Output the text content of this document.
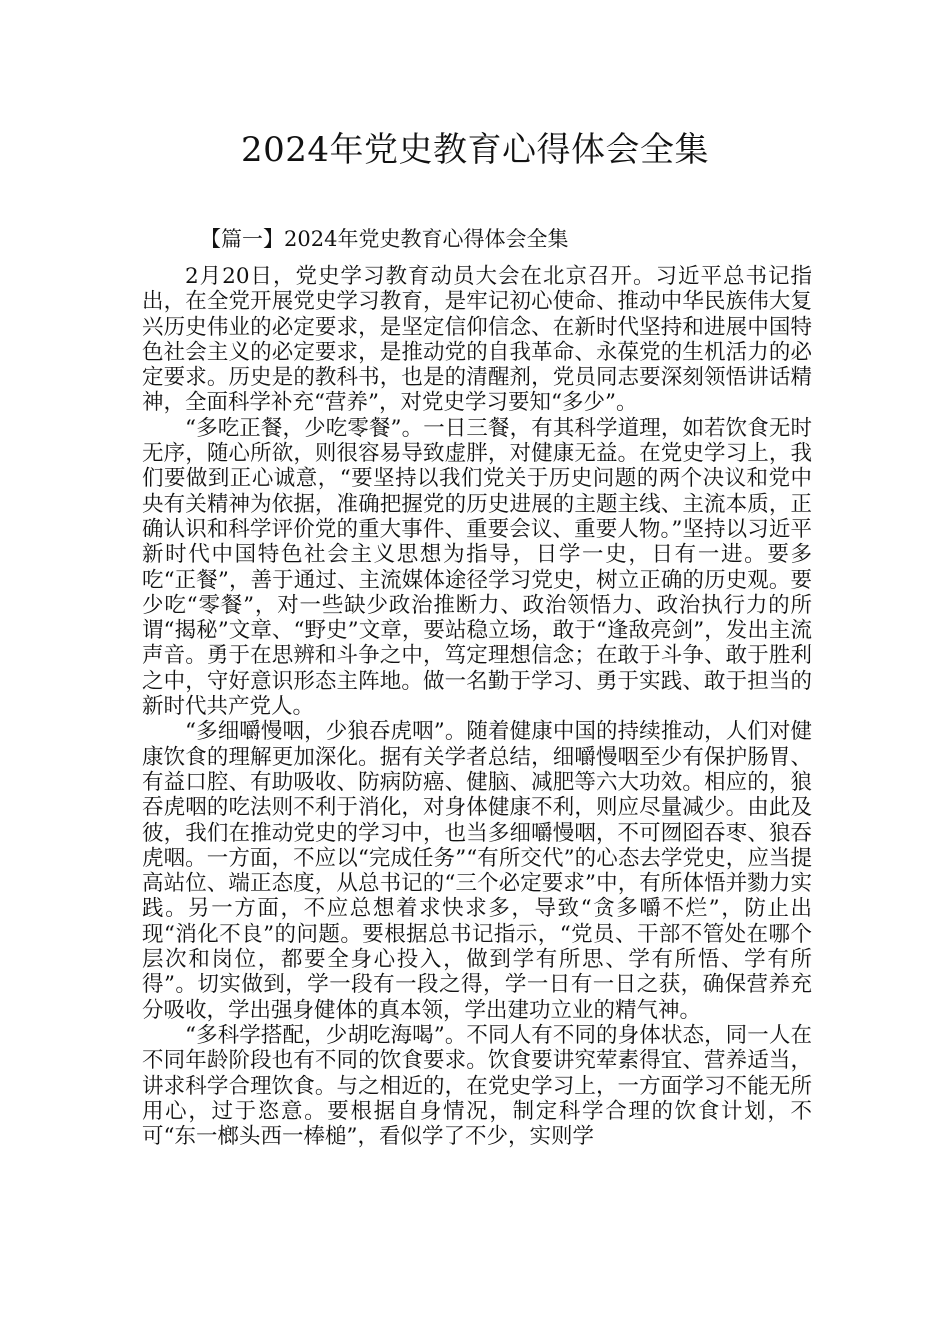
2024年党史教育心得体会全集
【篇一】2024年党史教育心得体会全集

2月20日，党史学习教育动员大会在北京召开。习近平总书记指出，在全党开展党史学习教育，是牢记初心使命、推动中华民族伟大复兴历史伟业的必定要求，是坚定信仰信念、在新时代坚持和进展中国特色社会主义的必定要求，是推动党的自我革命、永葆党的生机活力的必定要求。历史是的教科书，也是的清醒剂，党员同志要深刻领悟讲话精神，全面科学补充“营养”，对党史学习要知“多少”。

“多吃正餐，少吃零餐”。一日三餐，有其科学道理，如若饮食无时无序，随心所欲，则很容易导致虚胖，对健康无益。在党史学习上，我们要做到正心诚意，“要坚持以我们党关于历史问题的两个决议和党中央有关精神为依据，准确把握党的历史进展的主题主线、主流本质，正确认识和科学评价党的重大事件、重要会议、重要人物。”坚持以习近平新时代中国特色社会主义思想为指导，日学一史，日有一进。要多吃“正餐”，善于通过、主流媒体途径学习党史，树立正确的历史观。要少吃“零餐”，对一些缺少政治推断力、政治领悟力、政治执行力的所谓“揭秘”文章、“野史”文章，要站稳立场，敢于“逢敌亮剑”，发出主流声音。勇于在思辨和斗争之中，笃定理想信念；在敢于斗争、敢于胜利之中，守好意识形态主阵地。做一名勤于学习、勇于实践、敢于担当的新时代共产党人。

“多细嚼慢咽，少狼吞虎咽”。随着健康中国的持续推动，人们对健康饮食的理解更加深化。据有关学者总结，细嚼慢咽至少有保护肠胃、有益口腔、有助吸收、防病防癌、健脑、减肥等六大功效。相应的，狼吞虎咽的吃法则不利于消化，对身体健康不利，则应尽量减少。由此及彼，我们在推动党史的学习中，也当多细嚼慢咽，不可囫囵吞枣、狼吞虎咽。一方面，不应以“完成任务”“有所交代”的心态去学党史，应当提高站位、端正态度，从总书记的“三个必定要求”中，有所体悟并勠力实践。另一方面，不应总想着求快求多，导致“贪多嚼不烂”，防止出现“消化不良”的问题。要根据总书记指示，“党员、干部不管处在哪个层次和岗位，都要全身心投入，做到学有所思、学有所悟、学有所得”。切实做到，学一段有一段之得，学一日有一日之获，确保营养充分吸收，学出强身健体的真本领，学出建功立业的精气神。

“多科学搭配，少胡吃海喝”。不同人有不同的身体状态，同一人在不同年龄阶段也有不同的饮食要求。饮食要讲究荤素得宜、营养适当，讲求科学合理饮食。与之相近的，在党史学习上，一方面学习不能无所用心，过于恣意。要根据自身情况，制定科学合理的饮食计划，不可“东一榔头西一棒槌”，看似学了不少，实则学
